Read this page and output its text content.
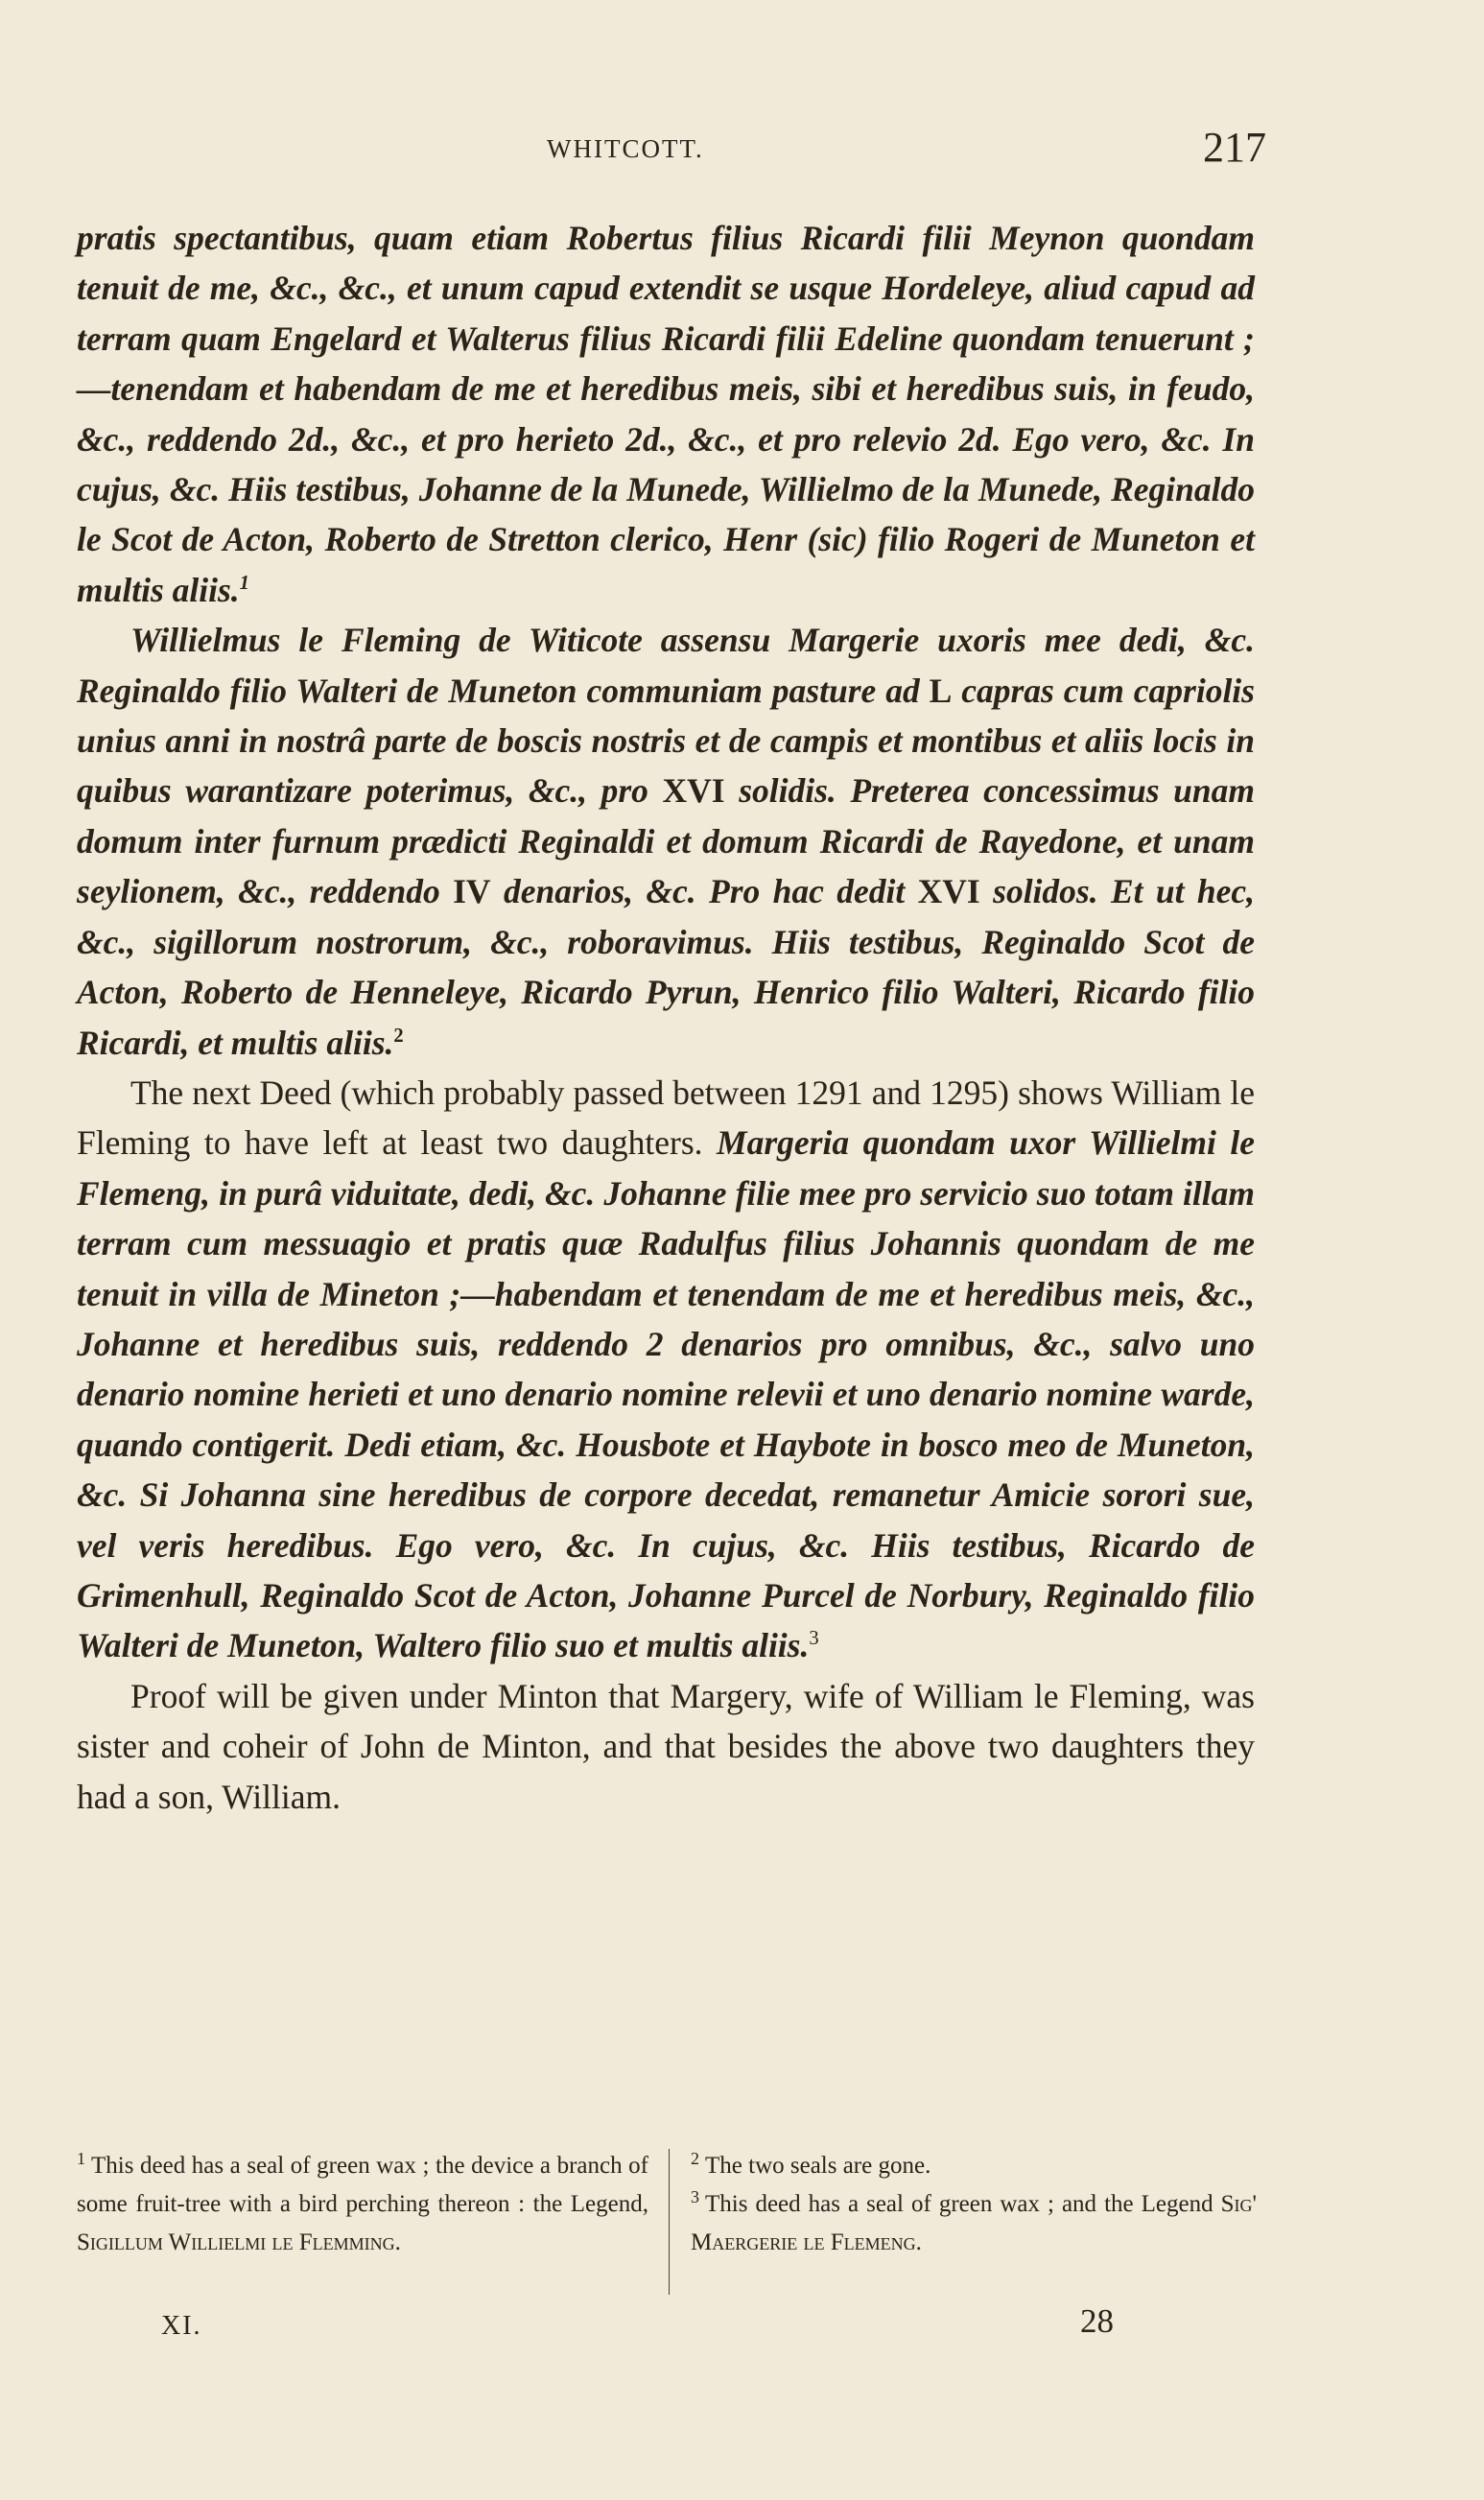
WHITCOTT.	217

pratis spectantibus, quam etiam Robertus filius Ricardi filii Meynon quondam tenuit de me, &c., &c., et unum capud extendit se usque Hordeleye, aliud capud ad terram quam Engelard et Walterus filius Ricardi filii Edeline quondam tenuerunt ;—tenendam et habendam de me et heredibus meis, sibi et heredibus suis, in feudo, &c., reddendo 2d., &c., et pro herieto 2d., &c., et pro relevio 2d. Ego vero, &c. In cujus, &c. Hiis testibus, Johanne de la Munede, Willielmo de la Munede, Reginaldo le Scot de Acton, Roberto de Stretton clerico, Henr (sic) filio Rogeri de Muneton et multis aliis.$^1$

Willielmus le Fleming de Witicote assensu Margerie uxoris mee dedi, &c. Reginaldo filio Walteri de Muneton communiam pasture ad L capras cum capriolis unius anni in nostrâ parte de boscis nostris et de campis et montibus et aliis locis in quibus warantizare poterimus, &c., pro XVI solidis. Preterea concessimus unam domum inter furnum prædicti Reginaldi et domum Ricardi de Rayedone, et unam seylionem, &c., reddendo IV denarios, &c. Pro hac dedit XVI solidos. Et ut hec, &c., sigillorum nostrorum, &c., roboravimus. Hiis testibus, Reginaldo Scot de Acton, Roberto de Henneleye, Ricardo Pyrun, Henrico filio Walteri, Ricardo filio Ricardi, et multis aliis.$^2$

The next Deed (which probably passed between 1291 and 1295) shows William le Fleming to have left at least two daughters. Margeria quondam uxor Willielmi le Flemeng, in purâ viduitate, dedi, &c. Johanne filie mee pro servicio suo totam illam terram cum messuagio et pratis quæ Radulfus filius Johannis quondam de me tenuit in villa de Mineton ;—habendam et tenendam de me et heredibus meis, &c., Johanne et heredibus suis, reddendo 2 denarios pro omnibus, &c., salvo uno denario nomine herieti et uno denario nomine relevii et uno denario nomine warde, quando contigerit. Dedi etiam, &c. Housbote et Haybote in bosco meo de Muneton, &c. Si Johanna sine heredibus de corpore decedat, remanetur Amicie sorori sue, vel veris heredibus. Ego vero, &c. In cujus, &c. Hiis testibus, Ricardo de Grimenhull, Reginaldo Scot de Acton, Johanne Purcel de Norbury, Reginaldo filio Walteri de Muneton, Waltero filio suo et multis aliis.$^3$

Proof will be given under Minton that Margery, wife of William le Fleming, was sister and coheir of John de Minton, and that besides the above two daughters they had a son, William.

$^1$ This deed has a seal of green wax ; the device a branch of some fruit-tree with a bird perching thereon : the Legend, Sigillum Willielmi le Flemming.
$^2$ The two seals are gone.
$^3$ This deed has a seal of green wax ; and the Legend Sig' Maergerie le Flemeng.
XI.	28
